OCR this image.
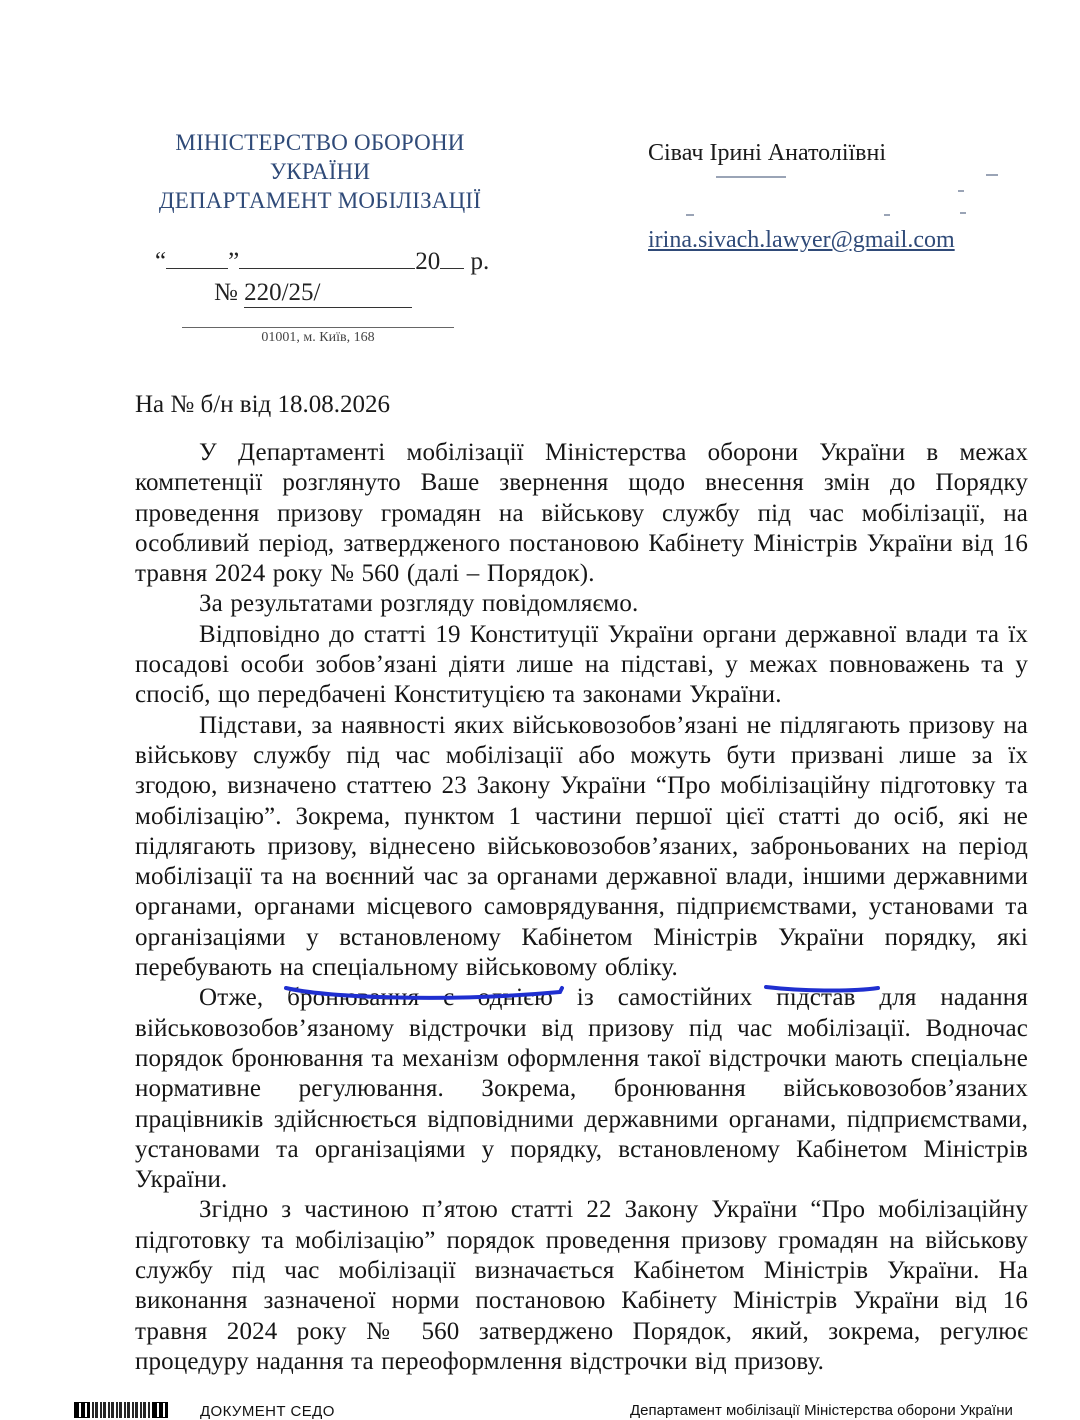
МІНІСТЕРСТВО ОБОРОНИ
УКРАЇНИ
ДЕПАРТАМЕНТ МОБІЛІЗАЦІЇ
“ ”	20 р.
№ 220/25/
01001, м. Київ, 168
Сівач Ірині Анатоліївні
irina.sivach.lawyer@gmail.com
На № б/н від 18.08.2026

У Департаменті мобілізації Міністерства оборони України в межах компетенції розглянуто Ваше звернення щодо внесення змін до Порядку проведення призову громадян на військову службу під час мобілізації, на особливий період, затвердженого постановою Кабінету Міністрів України від 16 травня 2024 року № 560 (далі – Порядок).

За результатами розгляду повідомляємо.

Відповідно до статті 19 Конституції України органи державної влади та їх посадові особи зобов’язані діяти лише на підставі, у межах повноважень та у спосіб, що передбачені Конституцією та законами України.

Підстави, за наявності яких військовозобов’язані не підлягають призову на військову службу під час мобілізації або можуть бути призвані лише за їх згодою, визначено статтею 23 Закону України “Про мобілізаційну підготовку та мобілізацію”. Зокрема, пунктом 1 частини першої цієї статті до осіб, які не підлягають призову, віднесено військовозобов’язаних, заброньованих на період мобілізації та на воєнний час за органами державної влади, іншими державними органами, органами місцевого самоврядування, підприємствами, установами та організаціями у встановленому Кабінетом Міністрів України порядку, які перебувають на спеціальному військовому обліку.

Отже, бронювання є однією із самостійних підстав для надання військовозобов’язаному відстрочки від призову під час мобілізації. Водночас порядок бронювання та механізм оформлення такої відстрочки мають спеціальне нормативне регулювання. Зокрема, бронювання військовозобов’язаних працівників здійснюється відповідними державними органами, підприємствами, установами та організаціями у порядку, встановленому Кабінетом Міністрів України.

Згідно з частиною п’ятою статті 22 Закону України “Про мобілізаційну підготовку та мобілізацію” порядок проведення призову громадян на військову службу під час мобілізації визначається Кабінетом Міністрів України. На виконання зазначеної норми постановою Кабінету Міністрів України від 16 травня 2024 року № 560 затверджено Порядок, який, зокрема, регулює процедуру надання та переоформлення відстрочки від призову.

ДОКУМЕНТ СЕДО	Департамент мобілізації Міністерства оборони України
